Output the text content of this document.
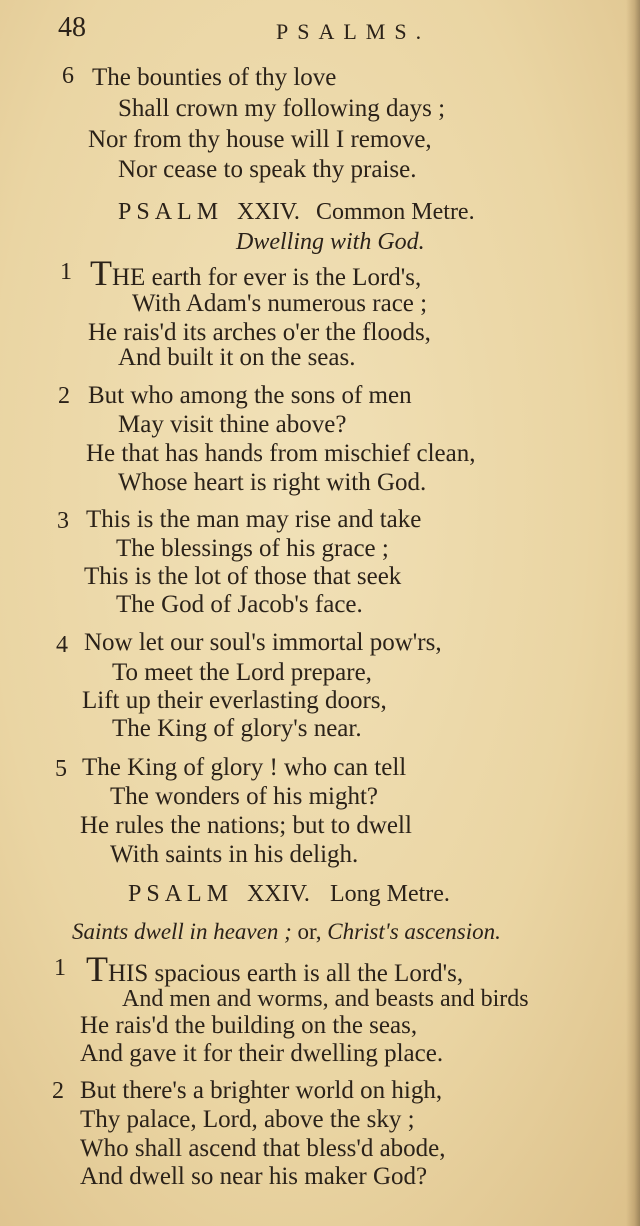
48	PSALMS.
6 The bounties of thy love
Shall crown my following days ;
Nor from thy house will I remove,
Nor cease to speak thy praise.
PSALM XXIV. Common Metre.
Dwelling with God.
1 THE earth for ever is the Lord's,
With Adam's numerous race ;
He rais'd its arches o'er the floods,
And built it on the seas.
2 But who among the sons of men
May visit thine above?
He that has hands from mischief clean,
Whose heart is right with God.
3 This is the man may rise and take
The blessings of his grace ;
This is the lot of those that seek
The God of Jacob's face.
4 Now let our soul's immortal pow'rs,
To meet the Lord prepare,
Lift up their everlasting doors,
The King of glory's near.
5 The King of glory ! who can tell
The wonders of his might?
He rules the nations; but to dwell
With saints in his deligh.
PSALM XXIV. Long Metre.
Saints dwell in heaven ; or, Christ's ascension.
1 THIS spacious earth is all the Lord's,
And men and worms, and beasts and birds
He rais'd the building on the seas,
And gave it for their dwelling place.
2 But there's a brighter world on high,
Thy palace, Lord, above the sky ;
Who shall ascend that bless'd abode,
And dwell so near his maker God?
